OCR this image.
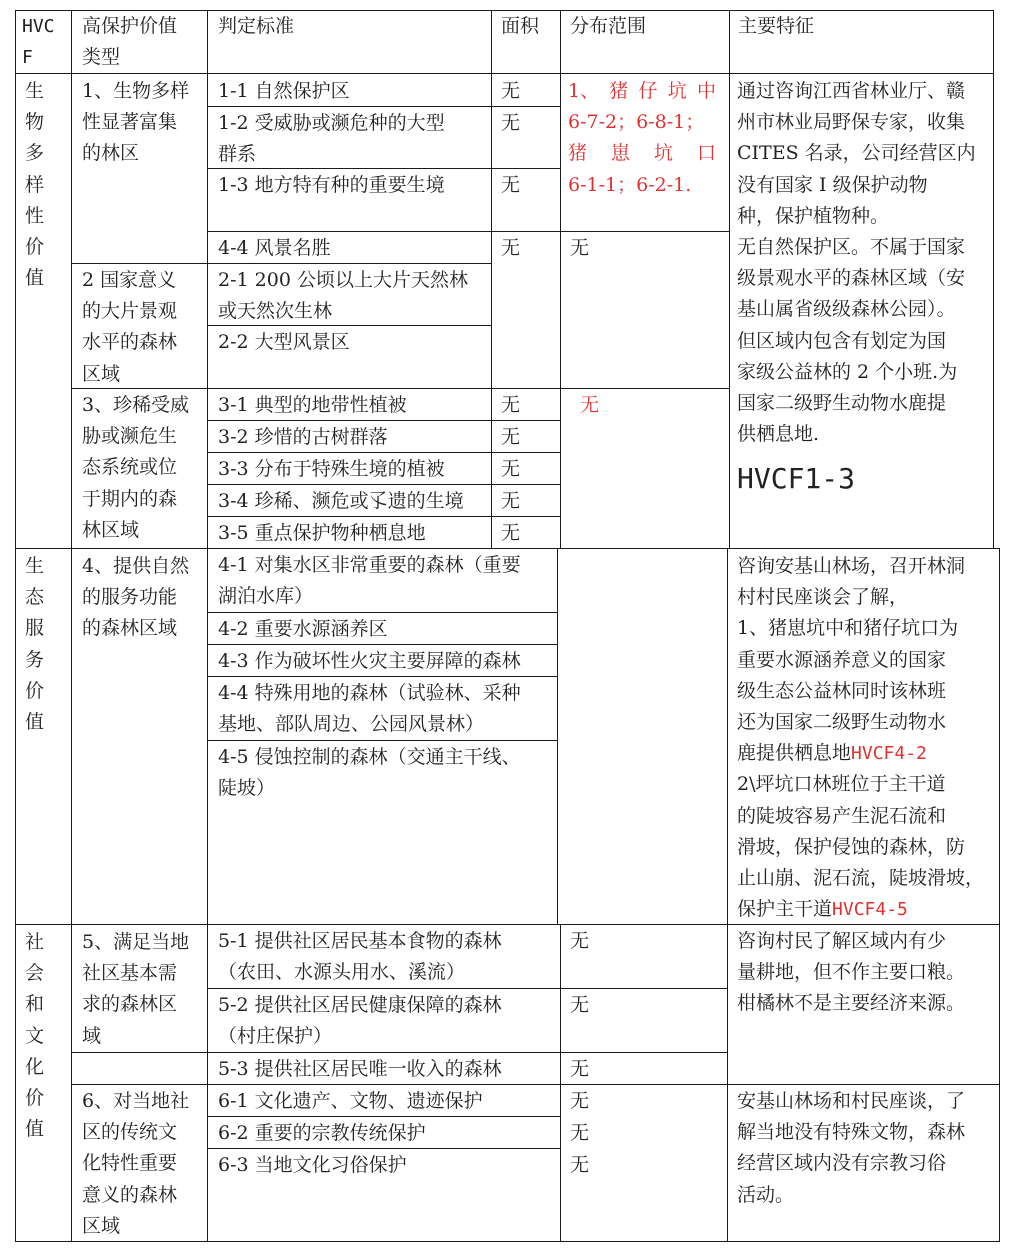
HVC
F
高保护价值
类型
判定标准	面积 分布范围	主要特征
生
物
多
样
性
价
值
生
态
服
务
价
值
社
会
和
文
化
价
值
1、生物多样
性显著富集
的林区
2 国家意义
的大片景观
水平的森林
区域
3、珍稀受威
胁或濒危生
态系统或位
于期内的森
林区域
4、提供自然
的服务功能
的森林区域
5、满足当地
社区基本需
求的森林区
域
6、对当地社
区的传统文
化特性重要
意义的森林
区域
1-1 自然保护区
1-2 受威胁或濒危种的大型
群系
1-3 地方特有种的重要生境
4-4 风景名胜
2-1 200 公顷以上大片天然林
或天然次生林
2-2 大型风景区
3-1 典型的地带性植被
3-2 珍惜的古树群落
3-3 分布于特殊生境的植被
3-4 珍稀、濒危或孓遗的生境
3-5 重点保护物种栖息地
4-1 对集水区非常重要的森林（重要
湖泊水库）
4-2 重要水源涵养区
4-3 作为破坏性火灾主要屏障的森林
4-4 特殊用地的森林（试验林、采种
基地、部队周边、公园风景林）
4-5 侵蚀控制的森林（交通主干线、
陡坡）
5-1 提供社区居民基本食物的森林
（农田、水源头用水、溪流）
5-2 提供社区居民健康保障的森林
（村庄保护）
5-3 提供社区居民唯一收入的森林
6-1 文化遗产、文物、遗迹保护
6-2 重要的宗教传统保护
6-3 当地文化习俗保护
无
无
无
无
无
无
无
无
无
1、 猪 仔 坑 中
6-7-2；6-8-1；
猪 崽 坑 口
6-1-1；6-2-1.
无
无
无
无
无
无
无
无
通过咨询江西省林业厅、赣
州市林业局野保专家，收集
CITES 名录，公司经营区内
没有国家 I 级保护动物
种，保护植物种。
无自然保护区。不属于国家
级景观水平的森林区域（安
基山属省级级森林公园）。
但区域内包含有划定为国
家级公益林的 2 个小班.为
国家二级野生动物水鹿提
供栖息地.
HVCF1-3
咨询安基山林场，召开林洞
村村民座谈会了解，
1、猪崽坑中和猪仔坑口为
重要水源涵养意义的国家
级生态公益林同时该林班
还为国家二级野生动物水
鹿提供栖息地HVCF4-2
2\坪坑口林班位于主干道
的陡坡容易产生泥石流和
滑坡，保护侵蚀的森林，防
止山崩、泥石流，陡坡滑坡，
保护主干道HVCF4-5
咨询村民了解区域内有少
量耕地，但不作主要口粮。
柑橘林不是主要经济来源。
安基山林场和村民座谈，了
解当地没有特殊文物，森林
经营区域内没有宗教习俗
活动。
